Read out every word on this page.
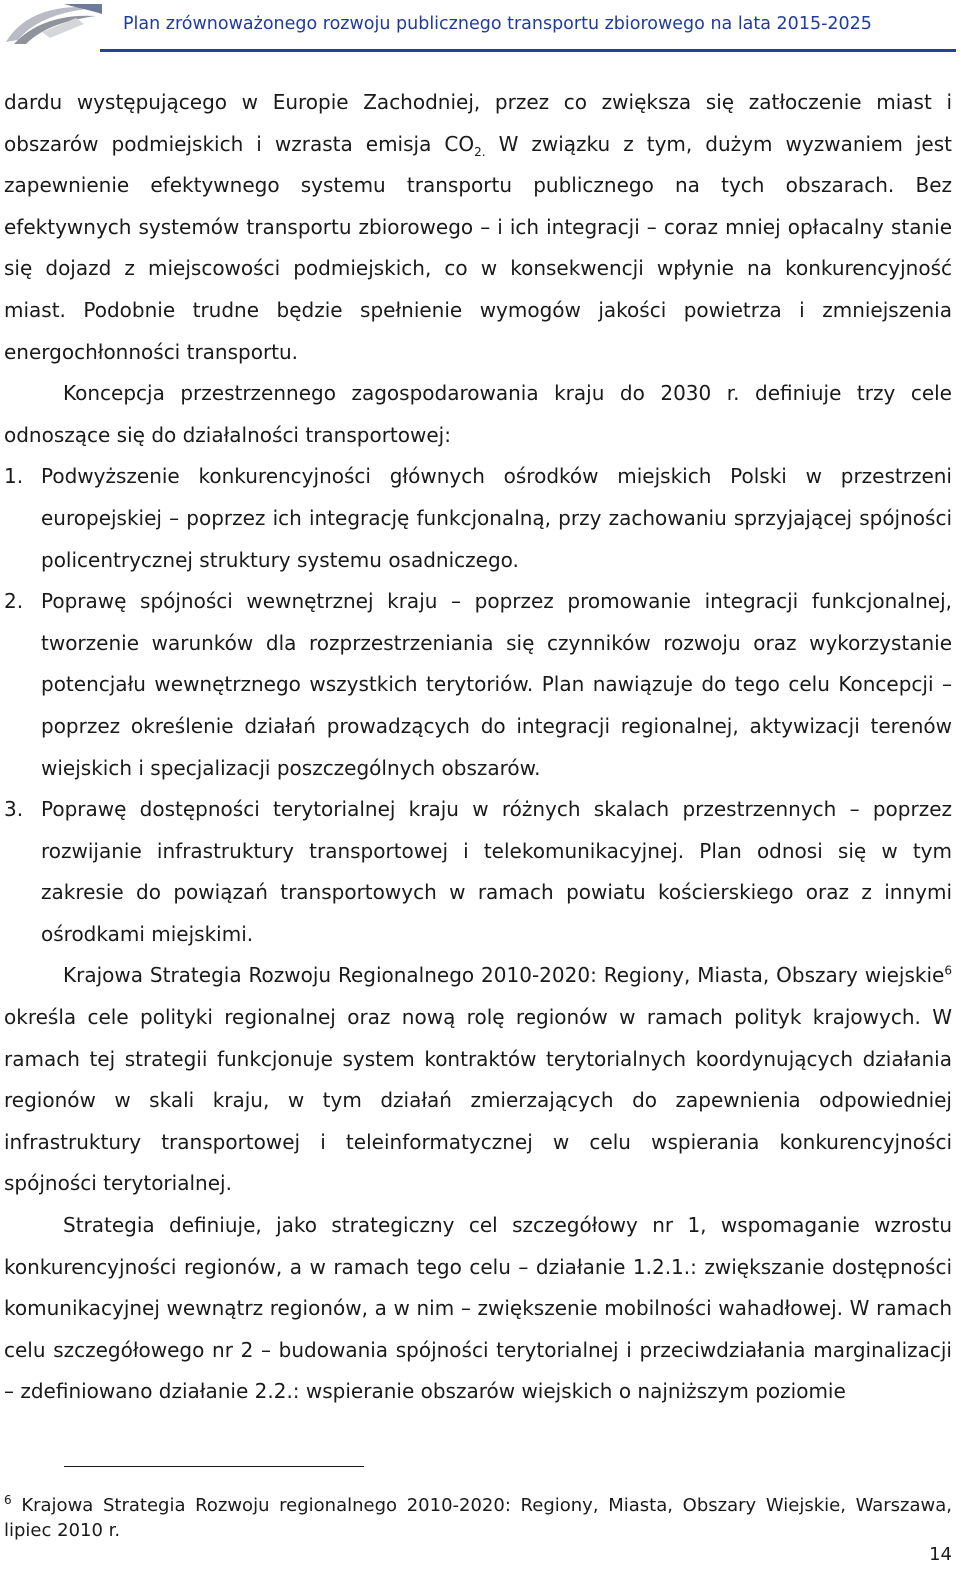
Plan zrównoważonego rozwoju publicznego transportu zbiorowego na lata 2015-2025

dardu występującego w Europie Zachodniej, przez co zwiększa się zatłoczenie miast i obszarów podmiejskich i wzrasta emisja $CO_{2.}$ W związku z tym, dużym wyzwaniem jest zapewnienie efektywnego systemu transportu publicznego na tych obszarach. Bez efektywnych systemów transportu zbiorowego – i ich integracji – coraz mniej opłacalny stanie się dojazd z miejscowości podmiejskich, co w konsekwencji wpłynie na konkurencyjność miast. Podobnie trudne będzie spełnienie wymogów jakości powietrza i zmniejszenia energochłonności transportu.

Koncepcja przestrzennego zagospodarowania kraju do 2030 r. definiuje trzy cele odnoszące się do działalności transportowej:

1. Podwyższenie konkurencyjności głównych ośrodków miejskich Polski w przestrzeni europejskiej – poprzez ich integrację funkcjonalną, przy zachowaniu sprzyjającej spójności policentrycznej struktury systemu osadniczego.
2. Poprawę spójności wewnętrznej kraju – poprzez promowanie integracji funkcjonalnej, tworzenie warunków dla rozprzestrzeniania się czynników rozwoju oraz wykorzystanie potencjału wewnętrznego wszystkich terytoriów. Plan nawiązuje do tego celu Koncepcji – poprzez określenie działań prowadzących do integracji regionalnej, aktywizacji terenów wiejskich i specjalizacji poszczególnych obszarów.
3. Poprawę dostępności terytorialnej kraju w różnych skalach przestrzennych – poprzez rozwijanie infrastruktury transportowej i telekomunikacyjnej. Plan odnosi się w tym zakresie do powiązań transportowych w ramach powiatu kościerskiego oraz z innymi ośrodkami miejskimi.

Krajowa Strategia Rozwoju Regionalnego 2010-2020: Regiony, Miasta, Obszary wiejskie$^6$ określa cele polityki regionalnej oraz nową rolę regionów w ramach polityk krajowych. W ramach tej strategii funkcjonuje system kontraktów terytorialnych koordynujących działania regionów w skali kraju, w tym działań zmierzających do zapewnienia odpowiedniej infrastruktury transportowej i teleinformatycznej w celu wspierania konkurencyjności spójności terytorialnej.

Strategia definiuje, jako strategiczny cel szczegółowy nr 1, wspomaganie wzrostu konkurencyjności regionów, a w ramach tego celu – działanie 1.2.1.: zwiększanie dostępności komunikacyjnej wewnątrz regionów, a w nim – zwiększenie mobilności wahadłowej. W ramach celu szczegółowego nr 2 – budowania spójności terytorialnej i przeciwdziałania marginalizacji – zdefiniowano działanie 2.2.: wspieranie obszarów wiejskich o najniższym poziomie

$^6$ Krajowa Strategia Rozwoju regionalnego 2010-2020: Regiony, Miasta, Obszary Wiejskie, Warszawa, lipiec 2010 r.
14
